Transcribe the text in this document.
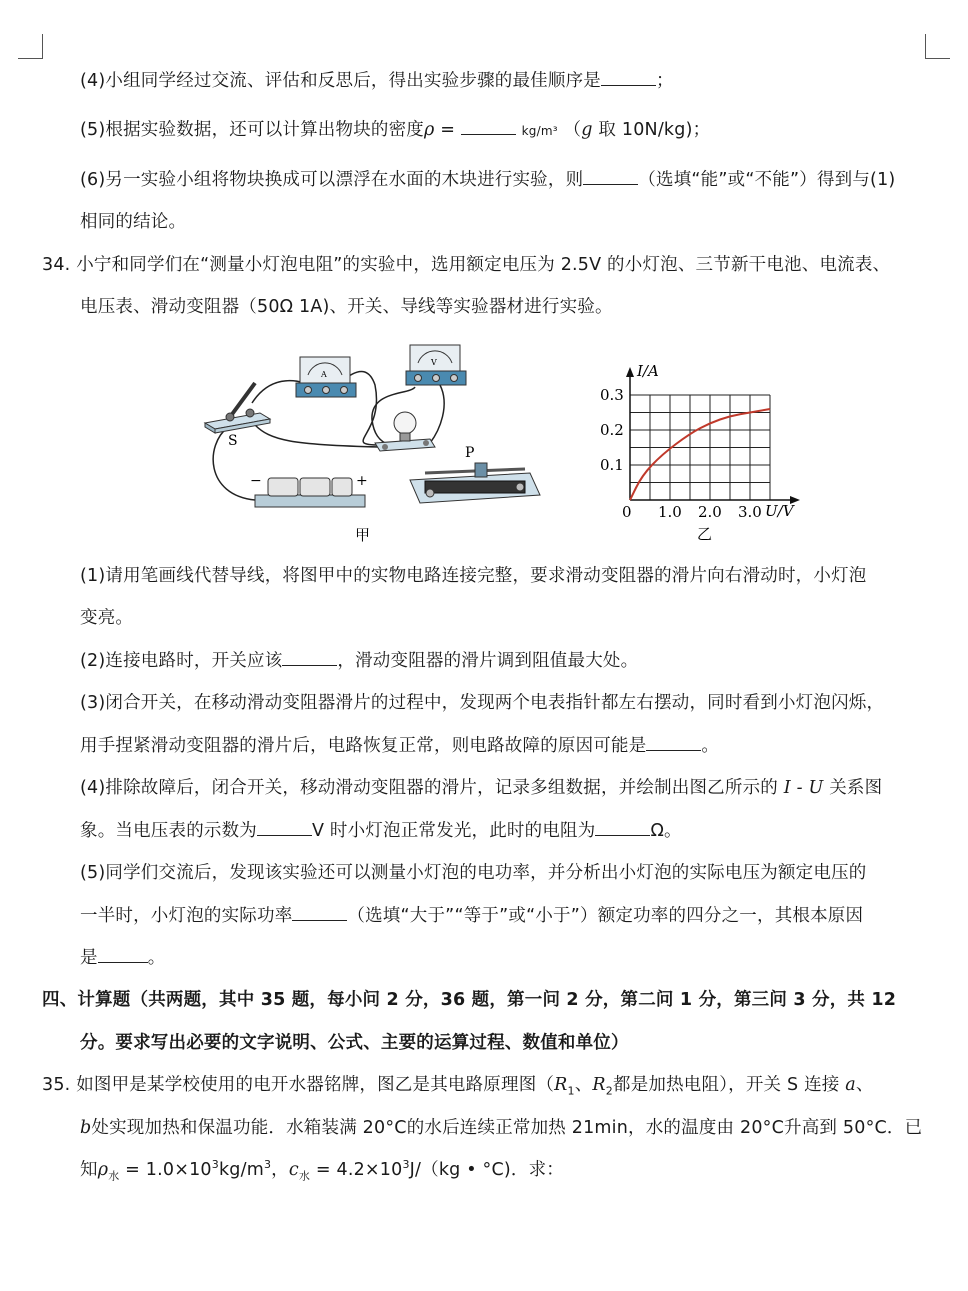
(4)小组同学经过交流、评估和反思后，得出实验步骤的最佳顺序是	；
(5)根据实验数据，还可以计算出物块的密度ρ =	kg/m³ （g 取 10N/kg)；
(6)另一实验小组将物块换成可以漂浮在水面的木块进行实验，则	（选填“能”或“不能”）得到与(1)
相同的结论。
34. 小宁和同学们在“测量小灯泡电阻”的实验中，选用额定电压为 2.5V 的小灯泡、三节新干电池、电流表、
电压表、滑动变阻器（50Ω 1A)、开关、导线等实验器材进行实验。
S
A
V
−	+
P
甲
0 1.0 2.0 3.0
0.1
0.2
0.3
I/A
U/V
乙
(1)请用笔画线代替导线，将图甲中的实物电路连接完整，要求滑动变阻器的滑片向右滑动时，小灯泡
变亮。
(2)连接电路时，开关应该	，滑动变阻器的滑片调到阻值最大处。
(3)闭合开关，在移动滑动变阻器滑片的过程中，发现两个电表指针都左右摆动，同时看到小灯泡闪烁，
用手捏紧滑动变阻器的滑片后，电路恢复正常，则电路故障的原因可能是	。
(4)排除故障后，闭合开关，移动滑动变阻器的滑片，记录多组数据，并绘制出图乙所示的 I - U 关系图
象。当电压表的示数为	V 时小灯泡正常发光，此时的电阻为	Ω。
(5)同学们交流后，发现该实验还可以测量小灯泡的电功率，并分析出小灯泡的实际电压为额定电压的
一半时，小灯泡的实际功率	（选填“大于”“等于”或“小于”）额定功率的四分之一，其根本原因
是	。
四、计算题（共两题，其中 35 题，每小问 2 分，36 题，第一问 2 分，第二问 1 分，第三问 3 分，共 12
分。要求写出必要的文字说明、公式、主要的运算过程、数值和单位）
35. 如图甲是某学校使用的电开水器铭牌，图乙是其电路原理图（$R_1$、$R_2$都是加热电阻），开关 S 连接 a、
b处实现加热和保温功能．水箱装满 20°C的水后连续正常加热 21min，水的温度由 20°C升高到 50°C．已
知$\rho_水 = 1.0\times 10^3kg/m^3$，$c_水 = 4.2\times 10^3J/(kg$ • °C)．求：
